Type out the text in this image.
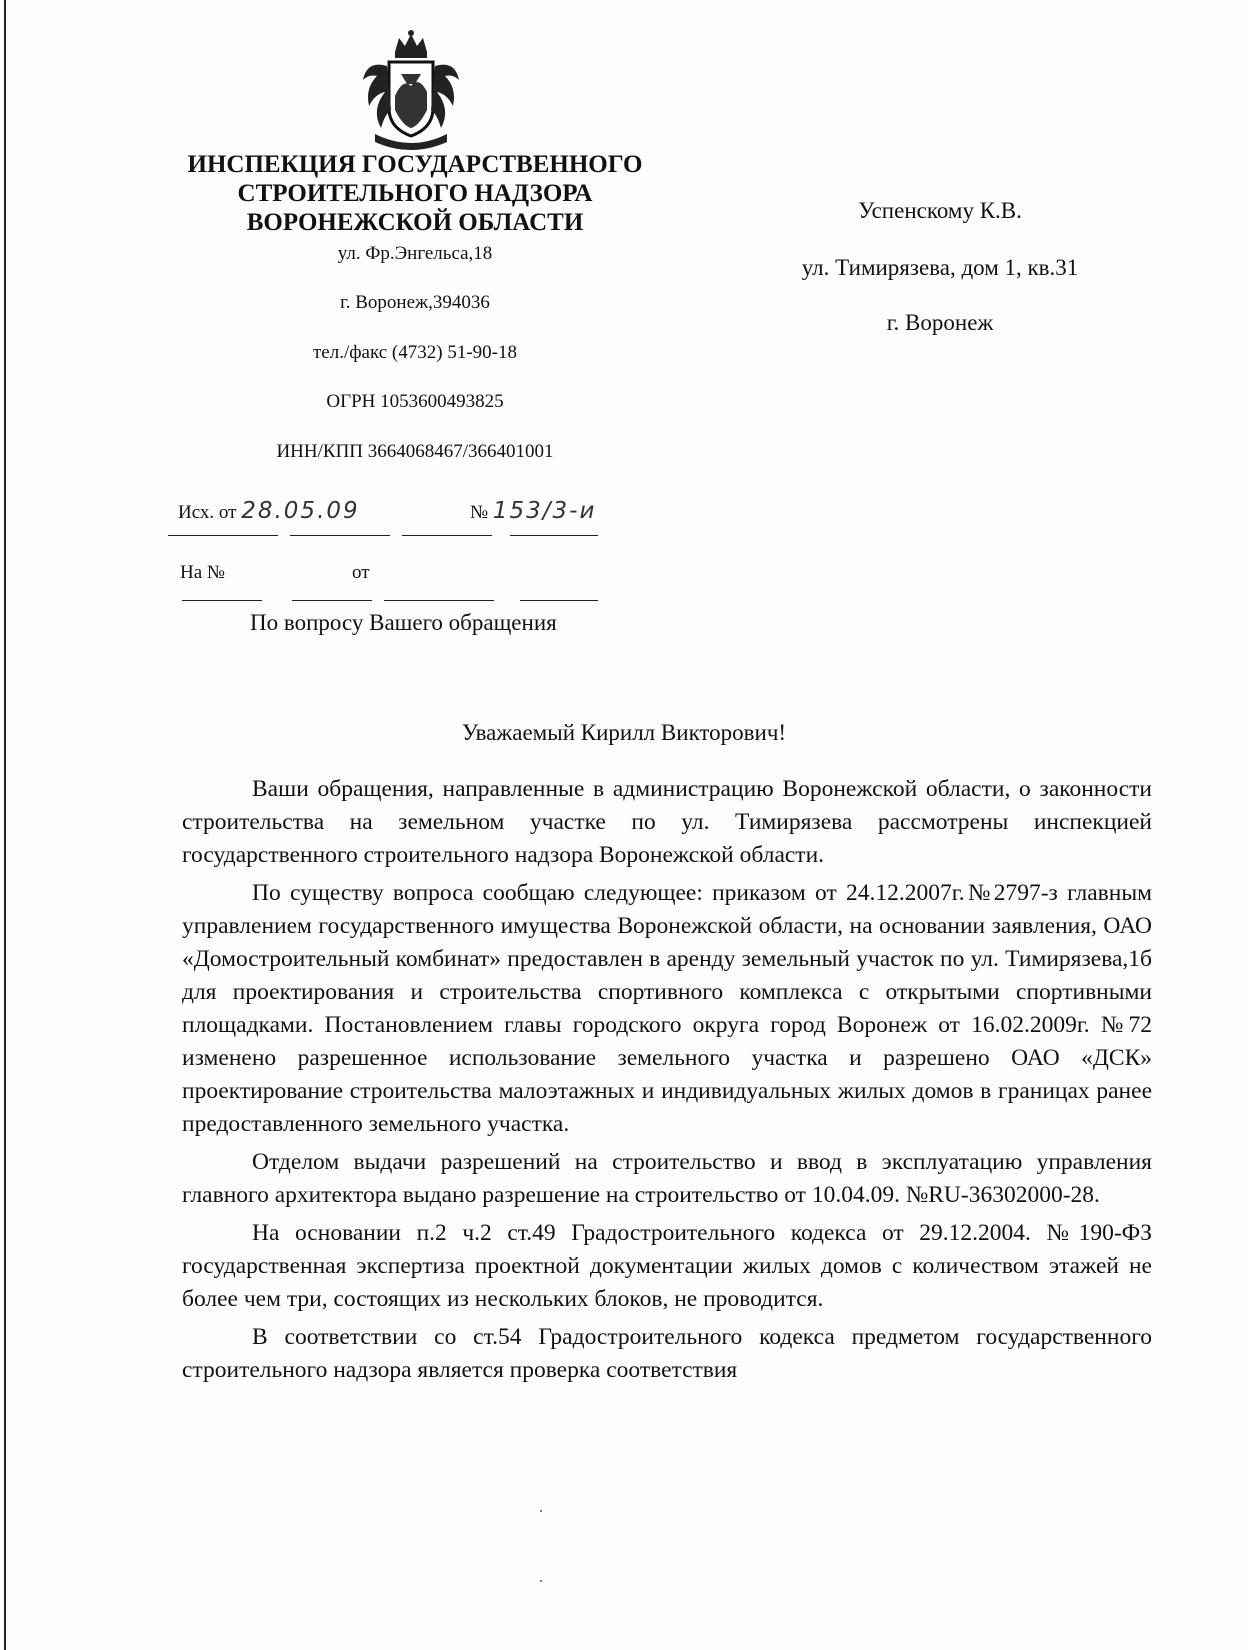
ИНСПЕКЦИЯ ГОСУДАРСТВЕННОГО
СТРОИТЕЛЬНОГО НАДЗОРА
ВОРОНЕЖСКОЙ ОБЛАСТИ
ул. Фр.Энгельса,18
г. Воронеж,394036
тел./факс (4732) 51-90-18
ОГРН 1053600493825
ИНН/КПП 3664068467/366401001
Исх. от 28.05.09	№ 153/3-и
На №	от
По вопросу Вашего обращения
Успенскому К.В.
ул. Тимирязева, дом 1, кв.31
г. Воронеж
Уважаемый Кирилл Викторович!

Ваши обращения, направленные в администрацию Воронежской области, о законности строительства на земельном участке по ул. Тимирязева рассмотрены инспекцией государственного строительного надзора Воронежской области.

По существу вопроса сообщаю следующее: приказом от 24.12.2007г.№2797-з главным управлением государственного имущества Воронежской области, на основании заявления, ОАО «Домостроительный комбинат» предоставлен в аренду земельный участок по ул. Тимирязева,1б для проектирования и строительства спортивного комплекса с открытыми спортивными площадками. Постановлением главы городского округа город Воронеж от 16.02.2009г. №72 изменено разрешенное использование земельного участка и разрешено ОАО «ДСК» проектирование строительства малоэтажных и индивидуальных жилых домов в границах ранее предоставленного земельного участка.

Отделом выдачи разрешений на строительство и ввод в эксплуатацию управления главного архитектора выдано разрешение на строительство от 10.04.09. №RU-36302000-28.

На основании п.2 ч.2 ст.49 Градостроительного кодекса от 29.12.2004. №190-ФЗ государственная экспертиза проектной документации жилых домов с количеством этажей не более чем три, состоящих из нескольких блоков, не проводится.

В соответствии со ст.54 Градостроительного кодекса предметом государственного строительного надзора является проверка соответствия
